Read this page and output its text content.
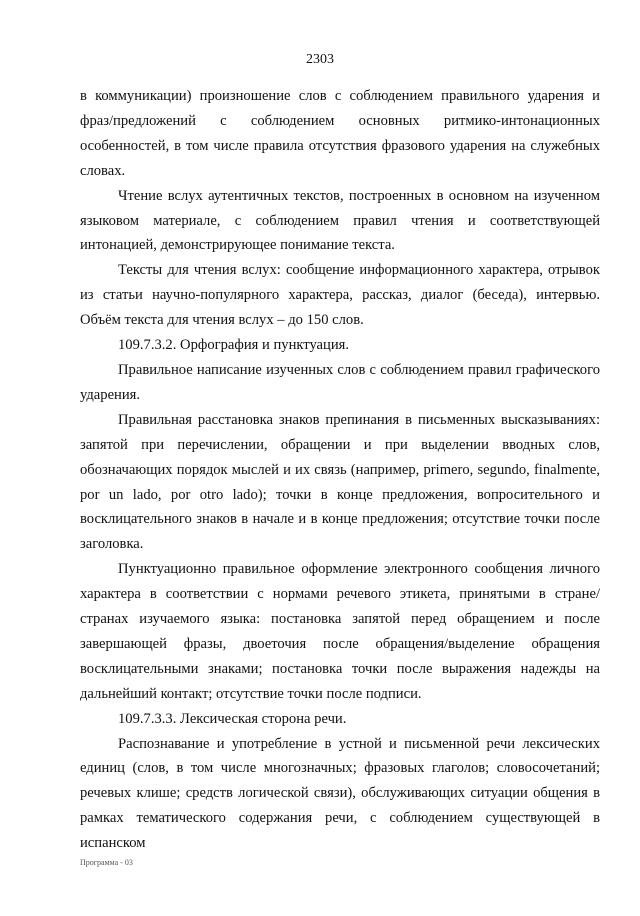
2303

в коммуникации) произношение слов с соблюдением правильного ударения и фраз/предложений с соблюдением основных ритмико-интонационных особенностей, в том числе правила отсутствия фразового ударения на служебных словах.

Чтение вслух аутентичных текстов, построенных в основном на изученном языковом материале, с соблюдением правил чтения и соответствующей интонацией, демонстрирующее понимание текста.

Тексты для чтения вслух: сообщение информационного характера, отрывок из статьи научно-популярного характера, рассказ, диалог (беседа), интервью. Объём текста для чтения вслух – до 150 слов.

109.7.3.2. Орфография и пунктуация.

Правильное написание изученных слов с соблюдением правил графического ударения.

Правильная расстановка знаков препинания в письменных высказываниях: запятой при перечислении, обращении и при выделении вводных слов, обозначающих порядок мыслей и их связь (например, primero, segundo, finalmente, por un lado, por otro lado); точки в конце предложения, вопросительного и восклицательного знаков в начале и в конце предложения; отсутствие точки после заголовка.

Пунктуационно правильное оформление электронного сообщения личного характера в соответствии с нормами речевого этикета, принятыми в стране/странах изучаемого языка: постановка запятой перед обращением и после завершающей фразы, двоеточия после обращения/выделение обращения восклицательными знаками; постановка точки после выражения надежды на дальнейший контакт; отсутствие точки после подписи.

109.7.3.3. Лексическая сторона речи.

Распознавание и употребление в устной и письменной речи лексических единиц (слов, в том числе многозначных; фразовых глаголов; словосочетаний; речевых клише; средств логической связи), обслуживающих ситуации общения в рамках тематического содержания речи, с соблюдением существующей в испанском

Программа - 03
